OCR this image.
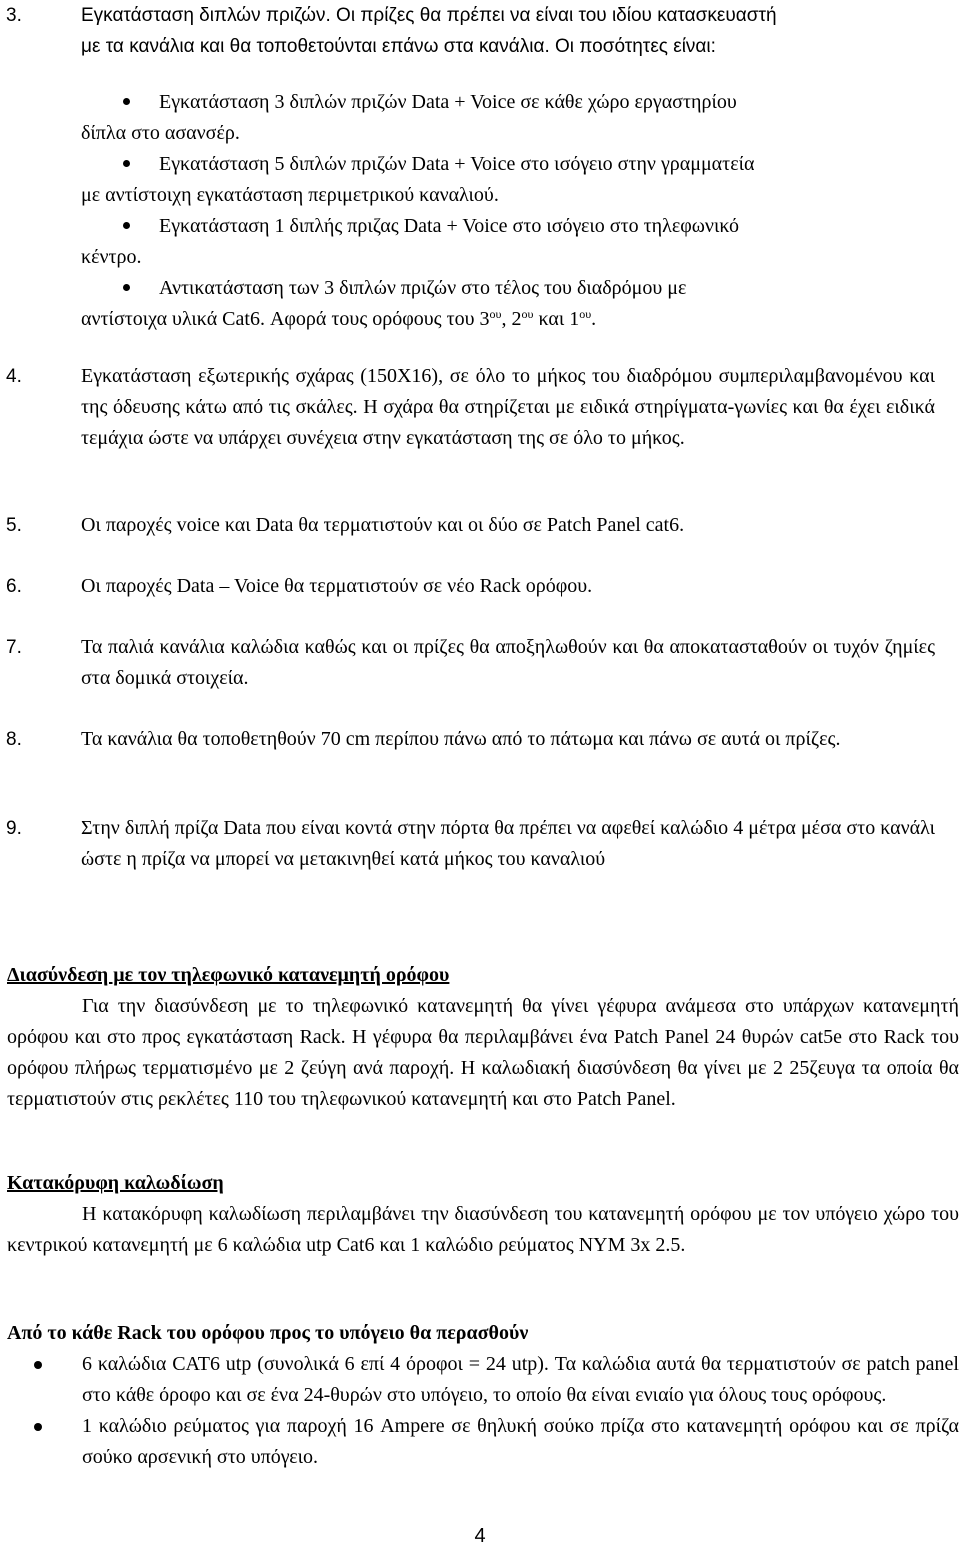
3.	Εγκατάσταση διπλών πριζών. Οι πρίζες θα πρέπει να είναι του ιδίου κατασκευαστή
με τα κανάλια και θα τοποθετούνται επάνω στα κανάλια. Οι ποσότητες είναι:
Εγκατάσταση 3 διπλών πριζών Data + Voice σε κάθε χώρο εργαστηρίου
δίπλα στο ασανσέρ.
Εγκατάσταση 5 διπλών πριζών Data + Voice στο ισόγειο στην γραμματεία
με αντίστοιχη εγκατάσταση περιμετρικού καναλιού.
Εγκατάσταση 1 διπλής πριζας Data + Voice στο ισόγειο στο τηλεφωνικό
κέντρο.
Αντικατάσταση των 3 διπλών πριζών στο τέλος του διαδρόμου με
αντίστοιχα υλικά Cat6. Αφορά τους ορόφους του $3^{o\upsilon}$, $2^{o\upsilon}$ και $1^{o\upsilon}$.
4.	Εγκατάσταση εξωτερικής σχάρας (150Χ16), σε όλο το μήκος του διαδρόμου συμπεριλαμβανομένου και της όδευσης κάτω από τις σκάλες. Η σχάρα θα στηρίζεται με ειδικά στηρίγματα-γωνίες και θα έχει ειδικά τεμάχια ώστε να υπάρχει συνέχεια στην εγκατάσταση της σε όλο το μήκος.
5.	Οι παροχές voice και Data θα τερματιστούν και οι δύο σε Patch Panel cat6.
6.	Οι παροχές Data – Voice θα τερματιστούν σε νέο Rack ορόφου.
7.	Τα παλιά κανάλια καλώδια καθώς και οι πρίζες θα αποξηλωθούν και θα αποκατασταθούν οι τυχόν ζημίες στα δομικά στοιχεία.
8.	Τα κανάλια θα τοποθετηθούν 70 cm περίπου πάνω από το πάτωμα και πάνω σε αυτά οι πρίζες.
9.	Στην διπλή πρίζα Data που είναι κοντά στην πόρτα θα πρέπει να αφεθεί καλώδιο 4 μέτρα μέσα στο κανάλι ώστε η πρίζα να μπορεί να μετακινηθεί κατά μήκος του καναλιού
Διασύνδεση με τον τηλεφωνικό κατανεμητή ορόφου
Για την διασύνδεση με το τηλεφωνικό κατανεμητή θα γίνει γέφυρα ανάμεσα στο υπάρχων κατανεμητή ορόφου και στο προς εγκατάσταση Rack. Η γέφυρα θα περιλαμβάνει ένα Patch Panel 24 θυρών cat5e στο Rack του ορόφου πλήρως τερματισμένο με 2 ζεύγη ανά παροχή. Η καλωδιακή διασύνδεση θα γίνει με 2 25ζευγα τα οποία θα τερματιστούν στις ρεκλέτες 110 του τηλεφωνικού κατανεμητή και στο Patch Panel.
Κατακόρυφη καλωδίωση
Η κατακόρυφη καλωδίωση περιλαμβάνει την διασύνδεση του κατανεμητή ορόφου με τον υπόγειο χώρο του κεντρικού κατανεμητή με 6 καλώδια utp Cat6 και 1 καλώδιο ρεύματος NYM 3x 2.5.
Από το κάθε Rack του ορόφου προς το υπόγειο θα περασθούν
6 καλώδια CAT6 utp (συνολικά 6 επί 4 όροφοι = 24 utp). Τα καλώδια αυτά θα τερματιστούν σε patch panel στο κάθε όροφο και σε ένα 24-θυρών στο υπόγειο, το οποίο θα είναι ενιαίο για όλους τους ορόφους.
1 καλώδιο ρεύματος για παροχή 16 Ampere σε θηλυκή σούκο πρίζα στο κατανεμητή ορόφου και σε πρίζα σούκο αρσενική στο υπόγειο.
4
